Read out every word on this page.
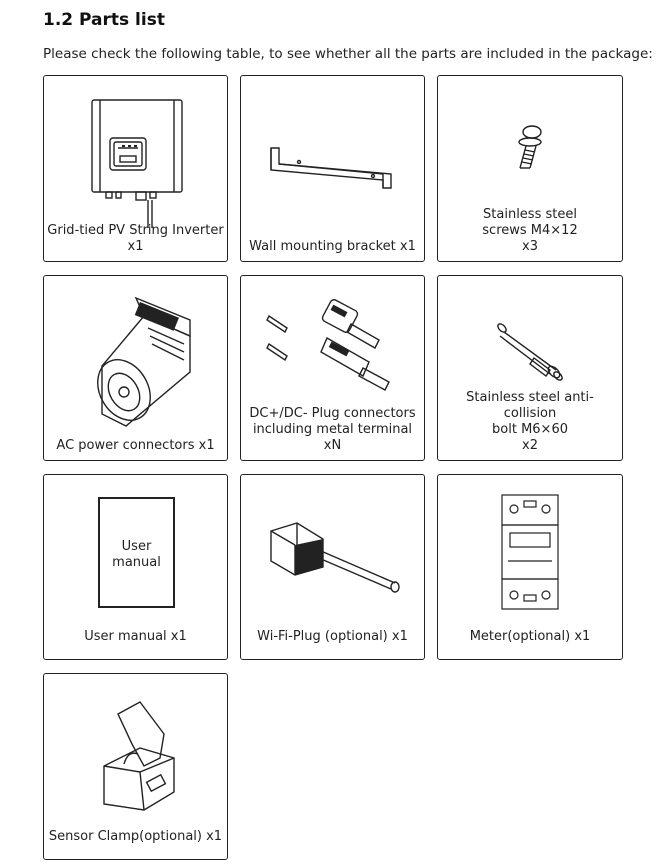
1.2 Parts list
Please check the following table, to see whether all the parts are included in the package:
Grid-tied PV String Inverter
x1	Wall mounting bracket x1
Stainless steel
screws M4×12
x3
AC power connectors x1
DC+/DC- Plug connectors
including metal terminal
xN
Stainless steel anti-collision
bolt M6×60
x2
User
manual
User manual x1	Wi-Fi-Plug (optional) x1	Meter(optional) x1
Sensor Clamp(optional) x1
